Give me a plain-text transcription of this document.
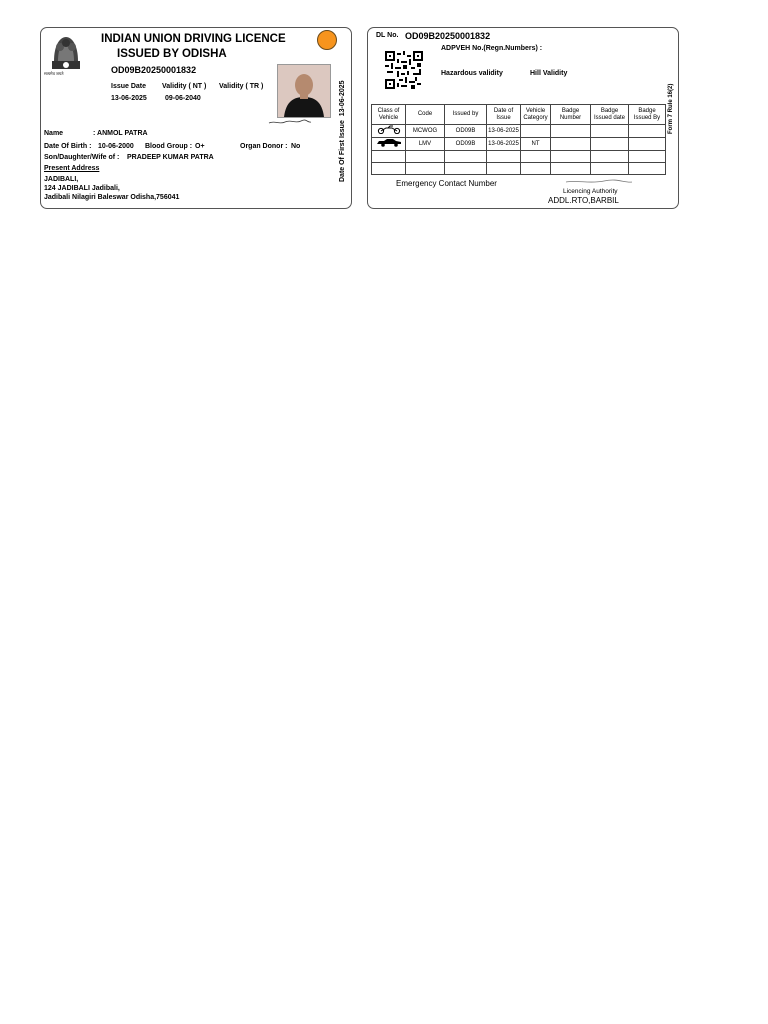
सत्यमेव जयते
INDIAN UNION DRIVING LICENCE
ISSUED BY ODISHA
OD09B20250001832
Issue Date Validity ( NT ) Validity ( TR )
13-06-2025	09-06-2040
Date Of First Issue  13-06-2025
Name	: ANMOL PATRA
Date Of Birth : 10-06-2000 Blood Group : O+	Organ Donor : No
Son/Daughter/Wife of : PRADEEP KUMAR PATRA
Present Address
JADIBALI,
124 JADIBALI Jadibali,
Jadibali Nilagiri Baleswar Odisha,756041
DL No. OD09B20250001832
ADPVEH No.(Regn.Numbers) :
Hazardous validity	Hill Validity
Form 7 Rule 16(2)
Class of Vehicle	Code	Issued by	Date of Issue	Vehicle Category	Badge Number	Badge Issued date	Badge Issued By
	MCWOG	OD09B	13-06-2025				
	LMV	OD09B	13-06-2025	NT			

Emergency Contact Number
Licencing Authority
ADDL.RTO,BARBIL
